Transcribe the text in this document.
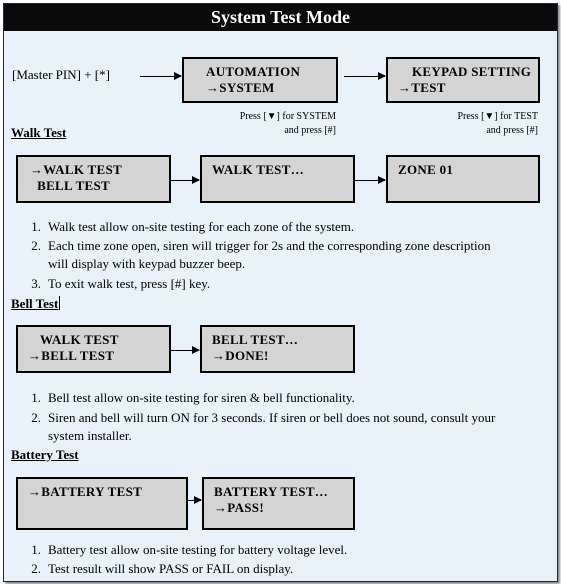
System Test Mode
[Master PIN] + [*]	AUTOMATION
→SYSTEM
KEYPAD SETTING
→TEST
Press [▼] for SYSTEM
and press [#]
Press [▼] for TEST
and press [#]
Walk Test
→WALK TEST
BELL TEST
WALK TEST…	ZONE 01
1. Walk test allow on-site testing for each zone of the system.
2. Each time zone open, siren will trigger for 2s and the corresponding zone description
will display with keypad buzzer beep.
3. To exit walk test, press [#] key.
Bell Test
WALK TEST
→BELL TEST
BELL TEST…
→DONE!
1. Bell test allow on-site testing for siren & bell functionality.
2. Siren and bell will turn ON for 3 seconds. If siren or bell does not sound, consult your
system installer.
Battery Test
→BATTERY TEST	BATTERY TEST…
→PASS!
1. Battery test allow on-site testing for battery voltage level.
2. Test result will show PASS or FAIL on display.
